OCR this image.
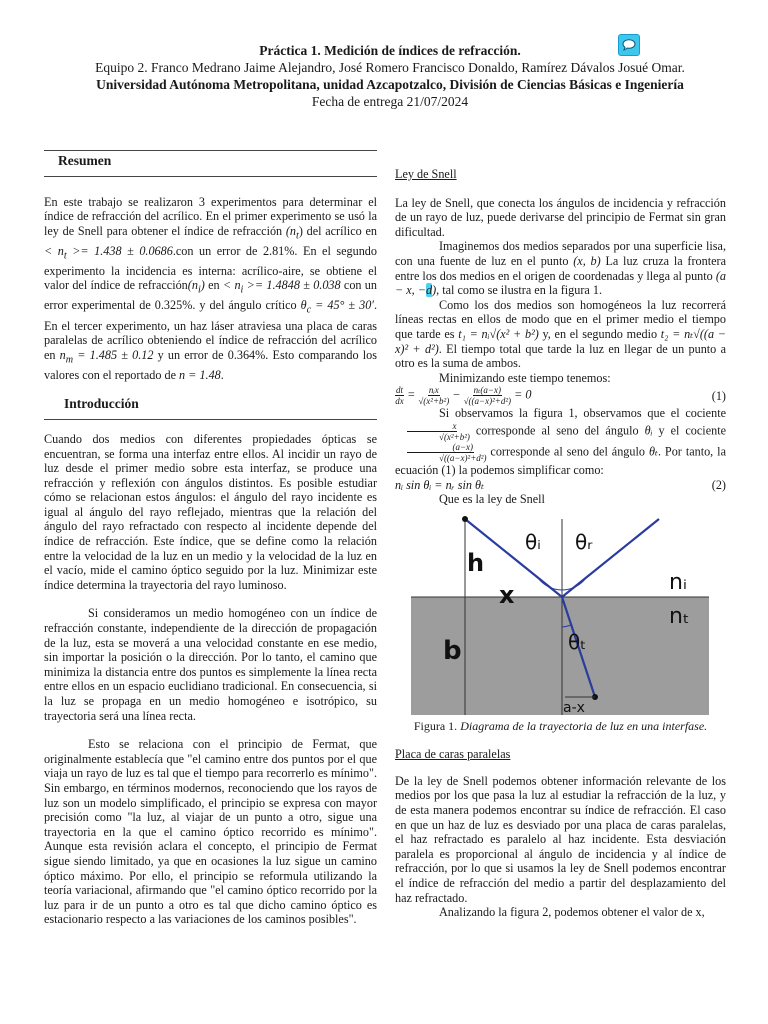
Práctica 1. Medición de índices de refracción.
Equipo 2. Franco Medrano Jaime Alejandro, José Romero Francisco Donaldo, Ramírez Dávalos Josué Omar.
Universidad Autónoma Metropolitana, unidad Azcapotzalco, División de Ciencias Básicas e Ingeniería
Fecha de entrega 21/07/2024
Resumen

En este trabajo se realizaron 3 experimentos para determinar el índice de refracción del acrílico. En el primer experimento se usó la ley de Snell para obtener el índice de refracción $(n_t)$ del acrílico en < $n_t >= 1.438 \pm 0.0686.con$ un error de 2.81%. En el segundo experimento la incidencia es interna: acrílico-aire, se obtiene el valor del índice de $refracción(n_i)$ en < $n_i >= 1.4848 \pm 0.038$ con un error experimental de 0.325%. y del ángulo crítico $\theta_c = 45^\circ \pm 30'$. En el tercer experimento, un haz láser atraviesa una placa de caras paralelas de acrílico obteniendo el índice de refracción del acrílico en $n_m = 1.485 \pm 0.12$ y un error de 0.364%. Esto comparando los valores con el reportado de n = 1.48.

Introducción

Cuando dos medios con diferentes propiedades ópticas se encuentran, se forma una interfaz entre ellos. Al incidir un rayo de luz desde el primer medio sobre esta interfaz, se produce una refracción y reflexión con ángulos distintos. Es posible estudiar cómo se relacionan estos ángulos: el ángulo del rayo incidente es igual al ángulo del rayo reflejado, mientras que la relación del ángulo del rayo refractado con respecto al incidente depende del índice de refracción. Este índice, que se define como la relación entre la velocidad de la luz en un medio y la velocidad de la luz en el vacío, mide el camino óptico seguido por la luz. Minimizar este índice determina la trayectoria del rayo luminoso.

Si consideramos un medio homogéneo con un índice de refracción constante, independiente de la dirección de propagación de la luz, esta se moverá a una velocidad constante en ese medio, sin importar la posición o la dirección. Por lo tanto, el camino que minimiza la distancia entre dos puntos es simplemente la línea recta entre ellos en un espacio euclidiano tradicional. En consecuencia, si la luz se propaga en un medio homogéneo e isotrópico, su trayectoria será una línea recta.

Esto se relaciona con el principio de Fermat, que originalmente establecía que "el camino entre dos puntos por el que viaja un rayo de luz es tal que el tiempo para recorrerlo es mínimo". Sin embargo, en términos modernos, reconociendo que los rayos de luz son un modelo simplificado, el principio se expresa con mayor precisión como "la luz, al viajar de un punto a otro, sigue una trayectoria en la que el camino óptico recorrido es mínimo". Aunque esta revisión aclara el concepto, el principio de Fermat sigue siendo limitado, ya que en ocasiones la luz sigue un camino óptico máximo. Por ello, el principio se reformula utilizando la teoría variacional, afirmando que "el camino óptico recorrido por la luz para ir de un punto a otro es tal que dicho camino óptico es estacionario respecto a las variaciones de los caminos posibles".

Ley de Snell

La ley de Snell, que conecta los ángulos de incidencia y refracción de un rayo de luz, puede derivarse del principio de Fermat sin gran dificultad.

Imaginemos dos medios separados por una superficie lisa, con una fuente de luz en el punto (x, b) La luz cruza la frontera entre los dos medios en el origen de coordenadas y llega al punto (a − x, −d), tal como se ilustra en la figura 1.

Como los dos medios son homogéneos la luz recorrerá líneas rectas en ellos de modo que en el primer medio el tiempo que tarde es t₁ = nᵢ√(x² + b²) y, en el segundo medio t₂ = nₜ√((a − x)² + d²). El tiempo total que tarde la luz en llegar de un punto a otro es la suma de ambos.

Minimizando este tiempo tenemos:

$\frac{dt}{dx} = \frac{\text{nᵢx}}{\text{√(x²+b²)}} - \frac{\text{nₜ(a−x)}}{\text{√((a−x)²+d²)}} = 0$	(1)

Si observamos la figura 1, observamos que el cociente
$\frac{x}{\text{√(x²+b²)}}$ corresponde al seno del ángulo θᵢ y el cociente
$\frac{(a-x)}{\text{√((a−x)²+d²)}}$ corresponde al seno del ángulo θₜ. Por tanto, la ecuación (1) la podemos simplificar como:

nᵢ sin θᵢ = nᵣ sin θₜ	(2)

Que es la ley de Snell

θᵢ θᵣ
θₜ
h
x
b
nᵢ
nₜ
a-x
Figura 1. Diagrama de la trayectoria de luz en una interfase.

Placa de caras paralelas

De la ley de Snell podemos obtener información relevante de los medios por los que pasa la luz al estudiar la refracción de la luz, y de esta manera podemos encontrar su índice de refracción. El caso en que un haz de luz es desviado por una placa de caras paralelas, el haz refractado es paralelo al haz incidente. Esta desviación paralela es proporcional al ángulo de incidencia y al índice de refracción, por lo que si usamos la ley de Snell podemos encontrar el índice de refracción del medio a partir del desplazamiento del haz refractado.

Analizando la figura 2, podemos obtener el valor de x,
